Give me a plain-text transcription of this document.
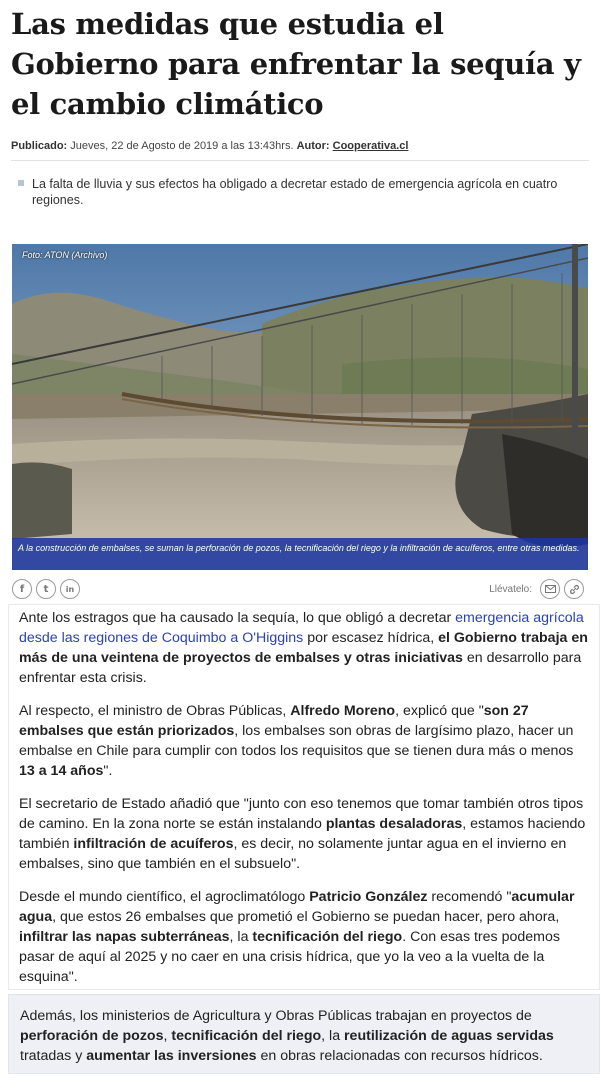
Las medidas que estudia el Gobierno para enfrentar la sequía y el cambio climático
Publicado: Jueves, 22 de Agosto de 2019 a las 13:43hrs. Autor: Cooperativa.cl
La falta de lluvia y sus efectos ha obligado a decretar estado de emergencia agrícola en cuatro regiones.
Foto: ATON (Archivo)
A la construcción de embalses, se suman la perforación de pozos, la tecnificación del riego y la infiltración de acuíferos, entre otras medidas.
f	t	in	Llévatelo:

Ante los estragos que ha causado la sequía, lo que obligó a decretar emergencia agrícola desde las regiones de Coquimbo a O'Higgins por escasez hídrica, el Gobierno trabaja en más de una veintena de proyectos de embalses y otras iniciativas en desarrollo para enfrentar esta crisis.

Al respecto, el ministro de Obras Públicas, Alfredo Moreno, explicó que "son 27 embalses que están priorizados, los embalses son obras de largísimo plazo, hacer un embalse en Chile para cumplir con todos los requisitos que se tienen dura más o menos 13 a 14 años".

El secretario de Estado añadió que "junto con eso tenemos que tomar también otros tipos de camino. En la zona norte se están instalando plantas desaladoras, estamos haciendo también infiltración de acuíferos, es decir, no solamente juntar agua en el invierno en embalses, sino que también en el subsuelo".

Desde el mundo científico, el agroclimatólogo Patricio González recomendó "acumular agua, que estos 26 embalses que prometió el Gobierno se puedan hacer, pero ahora, infiltrar las napas subterráneas, la tecnificación del riego. Con esas tres podemos pasar de aquí al 2025 y no caer en una crisis hídrica, que yo la veo a la vuelta de la esquina".

Además, los ministerios de Agricultura y Obras Públicas trabajan en proyectos de perforación de pozos, tecnificación del riego, la reutilización de aguas servidas tratadas y aumentar las inversiones en obras relacionadas con recursos hídricos.
